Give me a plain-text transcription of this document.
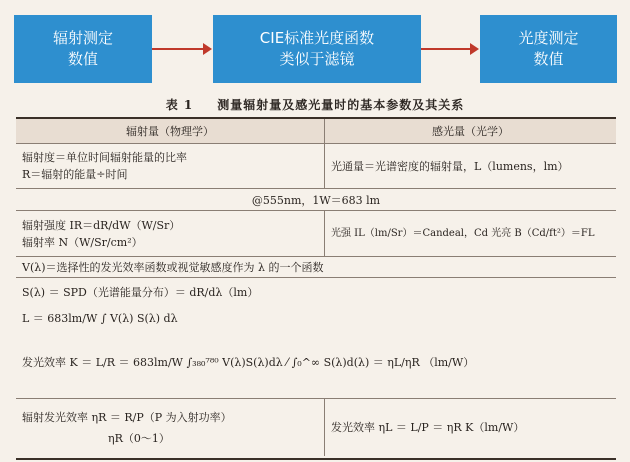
辐射测定
数值
CIE标准光度函数
类似于滤镜
光度测定
数值
表 1 测量辐射量及感光量时的基本参数及其关系
辐射量（物理学）	感光量（光学）
辐射度＝单位时间辐射能量的比率
R＝辐射的能量÷时间
光通量＝光谱密度的辐射量，L（lumens，lm）
@555nm，1W＝683 lm
辐射强度 IR＝dR/dW（W/Sr）
辐射率 N（W/Sr/cm²）
光强 IL（lm/Sr）＝Candeal，Cd 光亮 B（Cd/ft²）＝FL
V(λ)＝选择性的发光效率函数或视觉敏感度作为 λ 的一个函数
S(λ) ＝ SPD（光谱能量分布）＝ dR/dλ（lm）
L ＝ 683lm/W ∫ V(λ) S(λ) dλ
发光效率 K ＝ L/R ＝ 683lm/W ∫₃₈₀⁷⁸⁰ V(λ)S(λ)dλ ⁄ ∫₀^∞ S(λ)d(λ) ＝ ηL/ηR （lm/W）
辐射发光效率 ηR ＝ R/P（P 为入射功率）
ηR（0～1）
发光效率 ηL ＝ L/P ＝ ηR K（lm/W）
